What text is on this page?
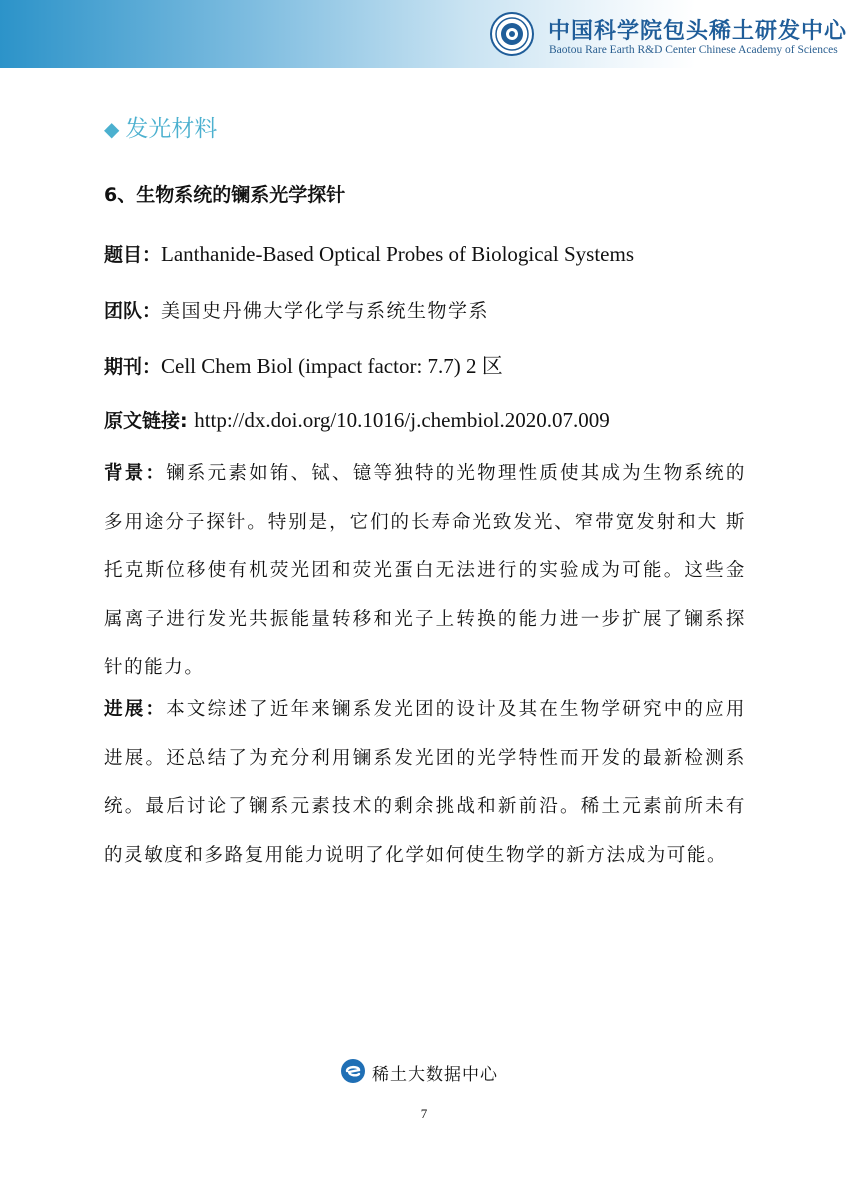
中国科学院包头稀土研发中心
Baotou Rare Earth R&D Center Chinese Academy of Sciences
◆ 发光材料
6、生物系统的镧系光学探针
题目：Lanthanide-Based Optical Probes of Biological Systems
团队：美国史丹佛大学化学与系统生物学系
期刊：Cell Chem Biol (impact factor: 7.7) 2 区
原文链接: http://dx.doi.org/10.1016/j.chembiol.2020.07.009
背景：镧系元素如铕、铽、镱等独特的光物理性质使其成为生物系统的多用途分子探针。特别是，它们的长寿命光致发光、窄带宽发射和大 斯托克斯位移使有机荧光团和荧光蛋白无法进行的实验成为可能。这些金属离子进行发光共振能量转移和光子上转换的能力进一步扩展了镧系探针的能力。
进展：本文综述了近年来镧系发光团的设计及其在生物学研究中的应用进展。还总结了为充分利用镧系发光团的光学特性而开发的最新检测系统。最后讨论了镧系元素技术的剩余挑战和新前沿。稀土元素前所未有的灵敏度和多路复用能力说明了化学如何使生物学的新方法成为可能。
稀土大数据中心
7
